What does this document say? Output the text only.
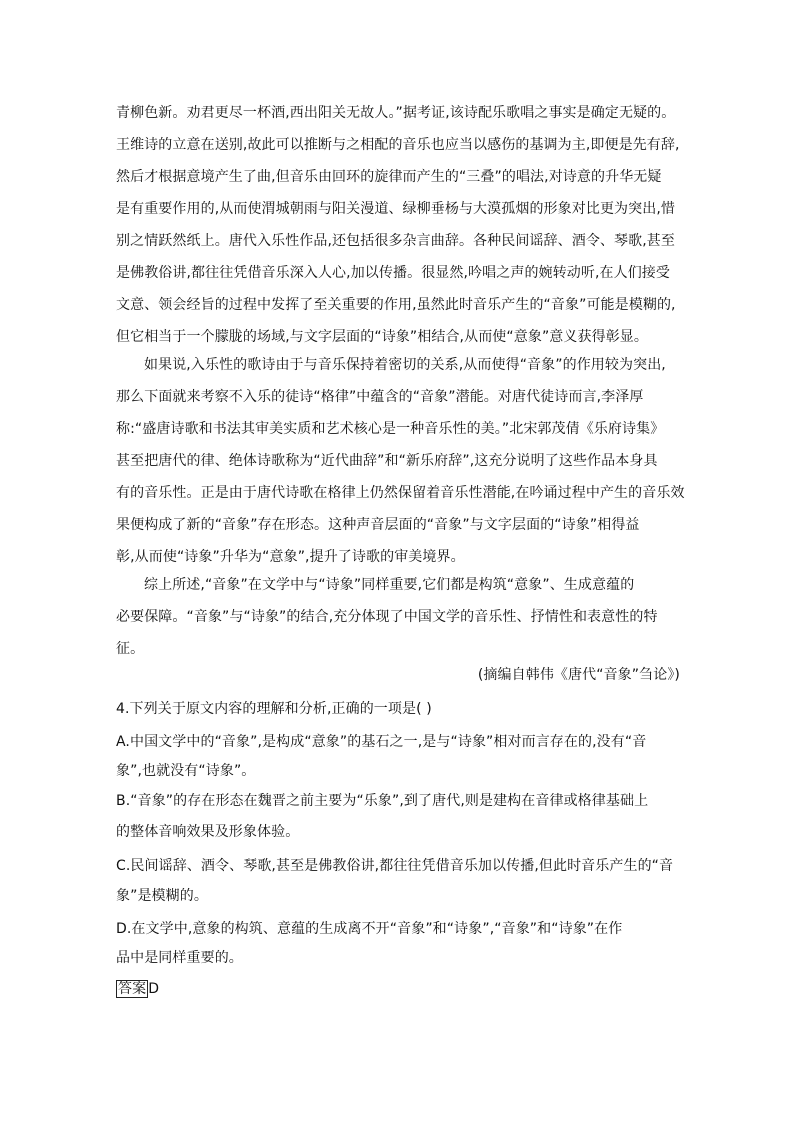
青柳色新。劝君更尽一杯酒,西出阳关无故人。”据考证,该诗配乐歌唱之事实是确定无疑的。
王维诗的立意在送别,故此可以推断与之相配的音乐也应当以感伤的基调为主,即便是先有辞,
然后才根据意境产生了曲,但音乐由回环的旋律而产生的“三叠”的唱法,对诗意的升华无疑
是有重要作用的,从而使渭城朝雨与阳关漫道、绿柳垂杨与大漠孤烟的形象对比更为突出,惜
别之情跃然纸上。唐代入乐性作品,还包括很多杂言曲辞。各种民间谣辞、酒令、琴歌,甚至
是佛教俗讲,都往往凭借音乐深入人心,加以传播。很显然,吟唱之声的婉转动听,在人们接受
文意、领会经旨的过程中发挥了至关重要的作用,虽然此时音乐产生的“音象”可能是模糊的,
但它相当于一个朦胧的场域,与文字层面的“诗象”相结合,从而使“意象”意义获得彰显。
如果说,入乐性的歌诗由于与音乐保持着密切的关系,从而使得“音象”的作用较为突出,
那么下面就来考察不入乐的徒诗“格律”中蕴含的“音象”潜能。对唐代徒诗而言,李泽厚
称:“盛唐诗歌和书法其审美实质和艺术核心是一种音乐性的美。”北宋郭茂倩《乐府诗集》
甚至把唐代的律、绝体诗歌称为“近代曲辞”和“新乐府辞”,这充分说明了这些作品本身具
有的音乐性。正是由于唐代诗歌在格律上仍然保留着音乐性潜能,在吟诵过程中产生的音乐效
果便构成了新的“音象”存在形态。这种声音层面的“音象”与文字层面的“诗象”相得益
彰,从而使“诗象”升华为“意象”,提升了诗歌的审美境界。
综上所述,“音象”在文学中与“诗象”同样重要,它们都是构筑“意象”、生成意蕴的
必要保障。“音象”与“诗象”的结合,充分体现了中国文学的音乐性、抒情性和表意性的特
征。
(摘编自韩伟《唐代“音象”刍论》)
4.下列关于原文内容的理解和分析,正确的一项是( )
A.中国文学中的“音象”,是构成“意象”的基石之一,是与“诗象”相对而言存在的,没有“音
象”,也就没有“诗象”。
B.“音象”的存在形态在魏晋之前主要为“乐象”,到了唐代,则是建构在音律或格律基础上
的整体音响效果及形象体验。
C.民间谣辞、酒令、琴歌,甚至是佛教俗讲,都往往凭借音乐加以传播,但此时音乐产生的“音
象”是模糊的。
D.在文学中,意象的构筑、意蕴的生成离不开“音象”和“诗象”,“音象”和“诗象”在作
品中是同样重要的。
答案 D
